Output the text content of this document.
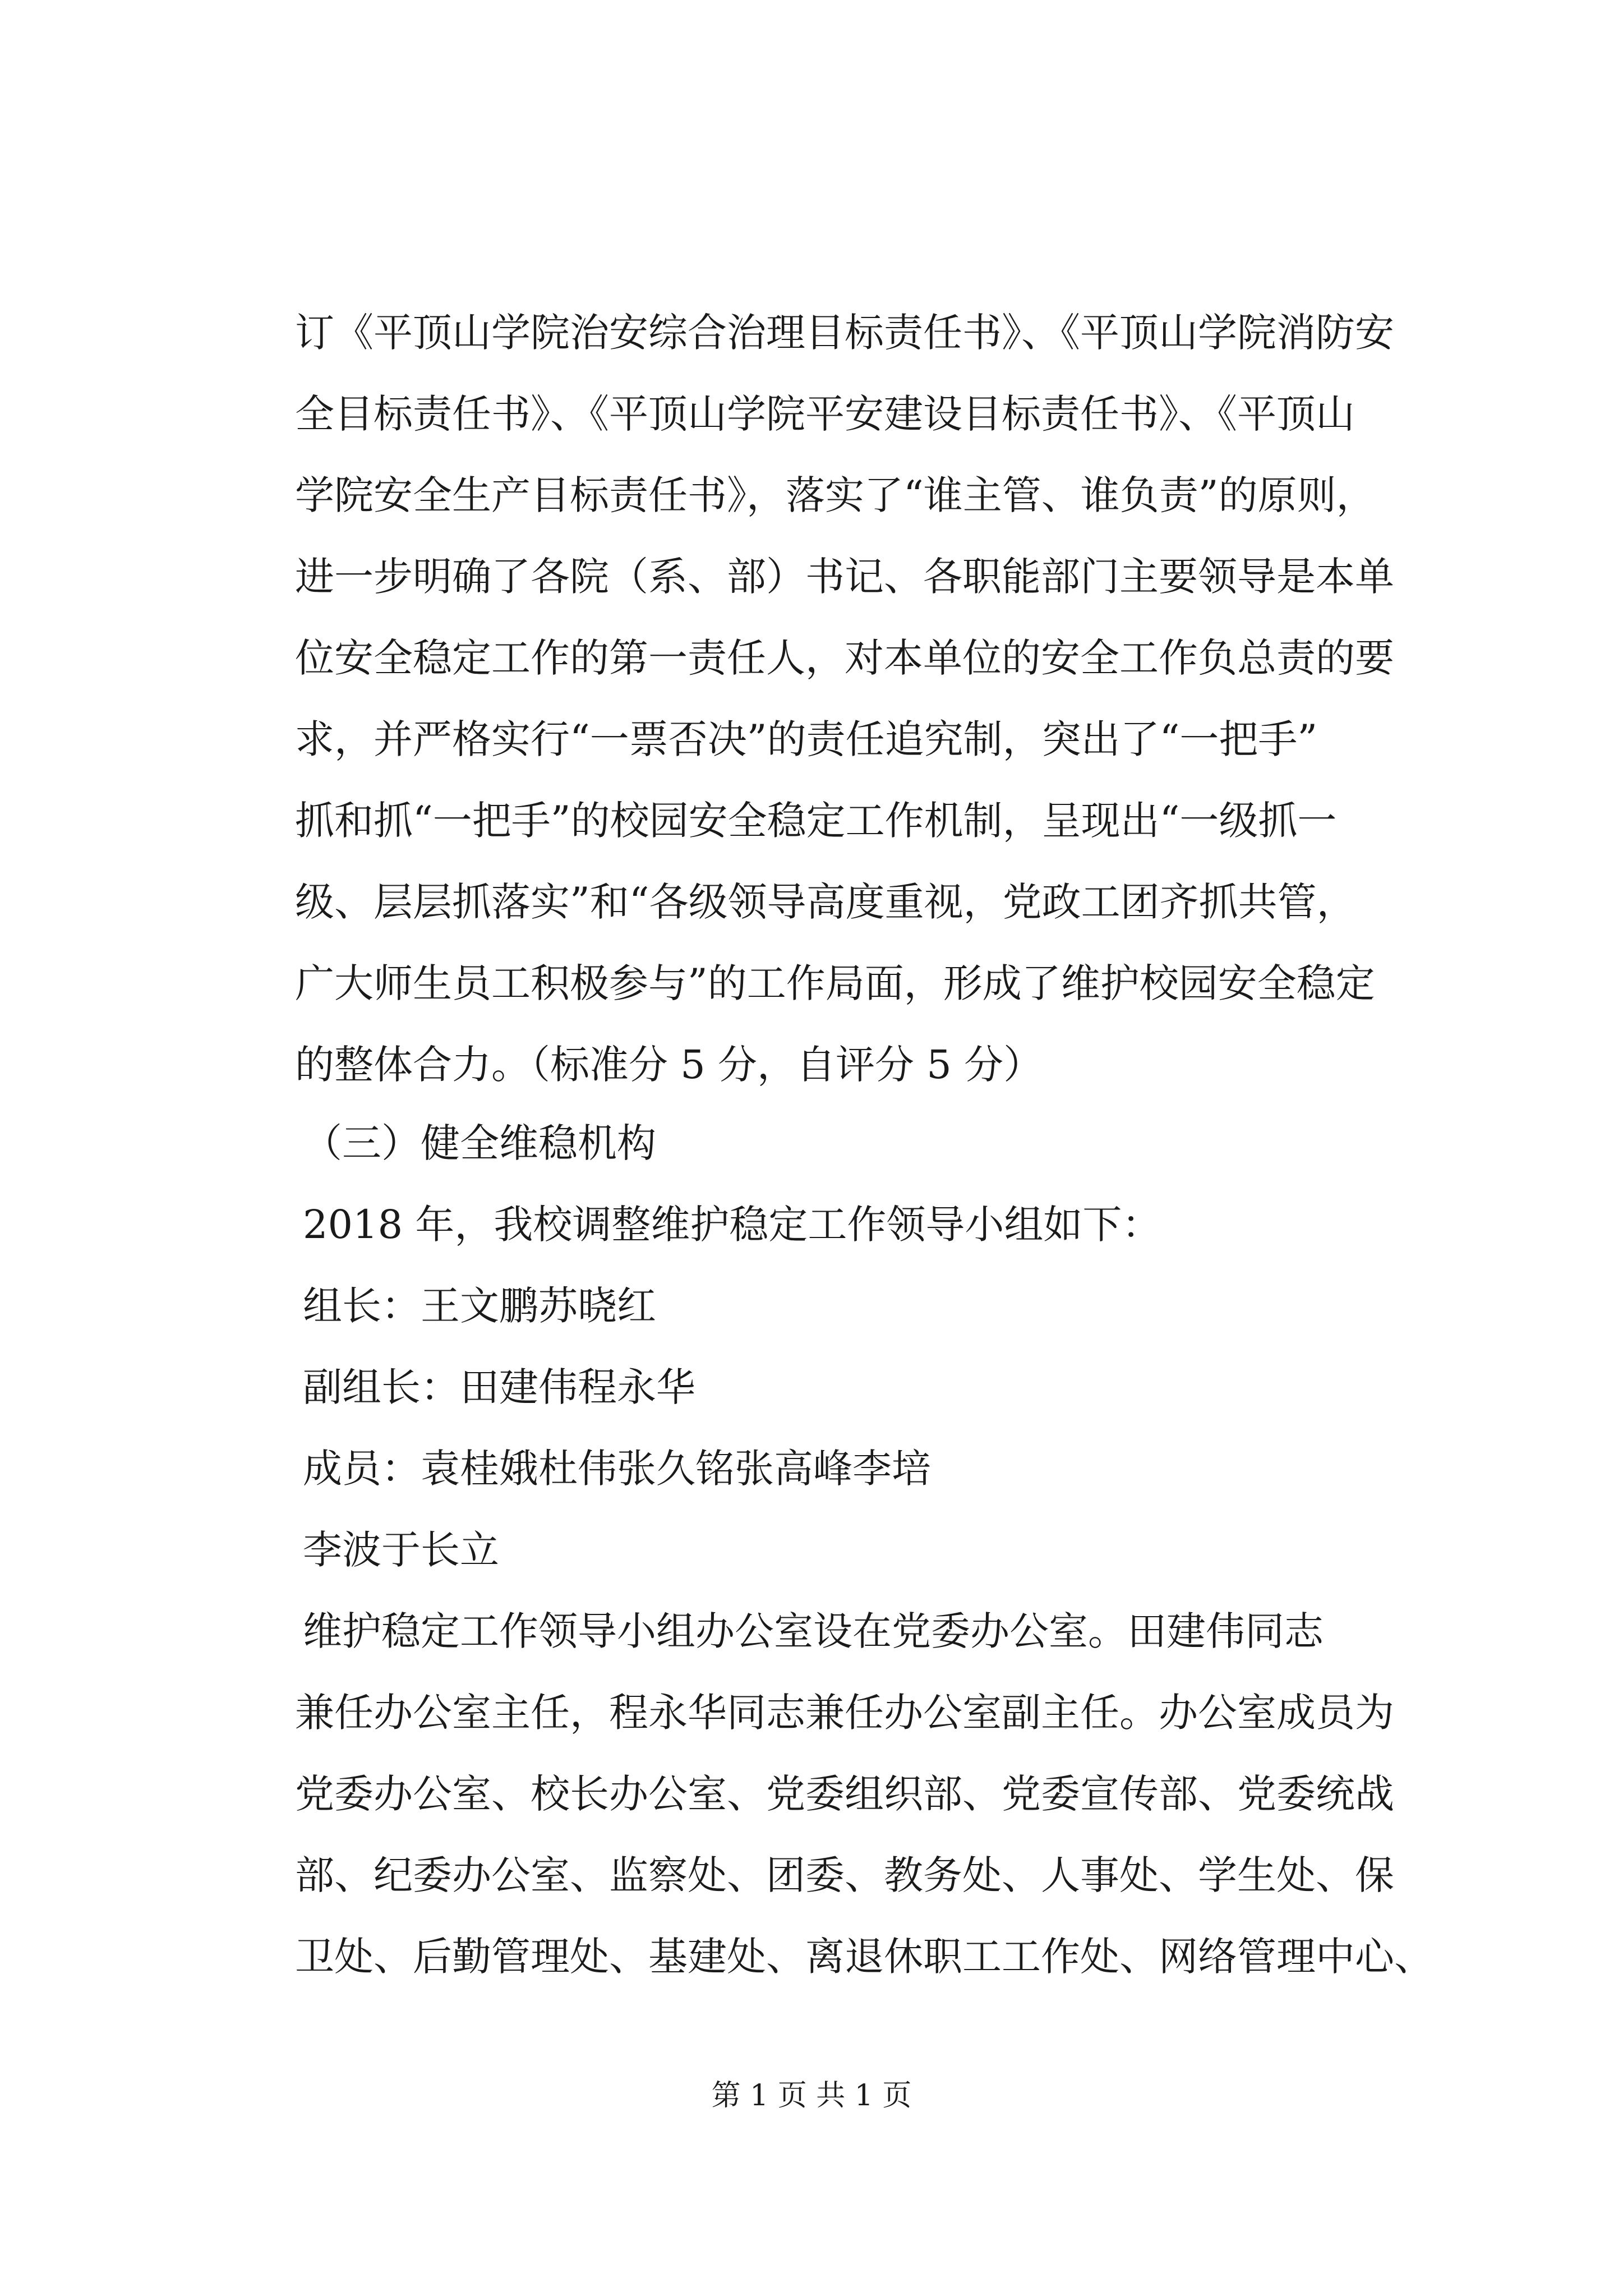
订《平顶山学院治安综合治理目标责任书》、《平顶山学院消防安
全目标责任书》、《平顶山学院平安建设目标责任书》、《平顶山
学院安全生产目标责任书》，落实了“谁主管、谁负责”的原则，
进一步明确了各院（系、部）书记、各职能部门主要领导是本单
位安全稳定工作的第一责任人，对本单位的安全工作负总责的要
求，并严格实行“一票否决”的责任追究制，突出了“一把手”
抓和抓“一把手”的校园安全稳定工作机制，呈现出“一级抓一
级、层层抓落实”和“各级领导高度重视，党政工团齐抓共管，
广大师生员工积极参与”的工作局面，形成了维护校园安全稳定
的整体合力。（标准分 5 分，自评分 5 分）
（三）健全维稳机构
2018 年，我校调整维护稳定工作领导小组如下：
组长：王文鹏苏晓红
副组长：田建伟程永华
成员：袁桂娥杜伟张久铭张高峰李培
李波于长立
维护稳定工作领导小组办公室设在党委办公室。田建伟同志
兼任办公室主任，程永华同志兼任办公室副主任。办公室成员为
党委办公室、校长办公室、党委组织部、党委宣传部、党委统战
部、纪委办公室、监察处、团委、教务处、人事处、学生处、保
卫处、后勤管理处、基建处、离退休职工工作处、网络管理中心、
第 1 页 共 1 页
